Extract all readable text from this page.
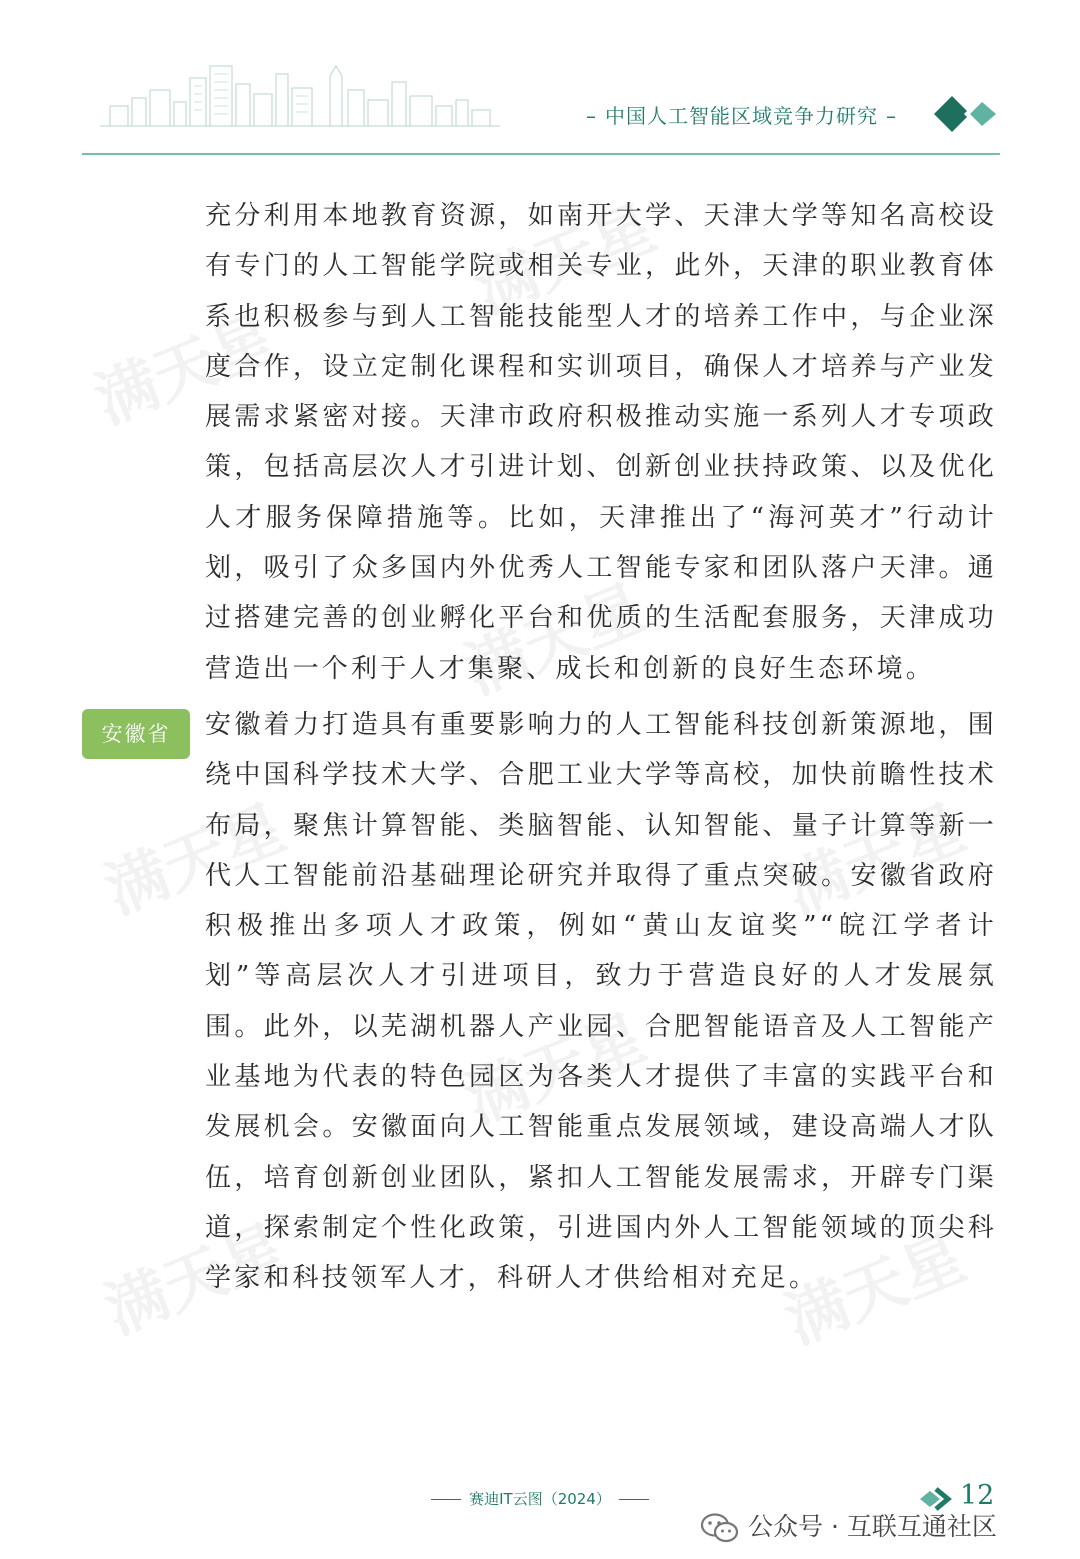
– 中国人工智能区域竞争力研究 –
满天星
满天星
满天星
满天星	满天星
满天星
满天星	满天星
充分利用本地教育资源，如南开大学、天津大学等知名高校设有专门的人工智能学院或相关专业，此外，天津的职业教育体系也积极参与到人工智能技能型人才的培养工作中，与企业深度合作，设立定制化课程和实训项目，确保人才培养与产业发展需求紧密对接。天津市政府积极推动实施一系列人才专项政策，包括高层次人才引进计划、创新创业扶持政策、以及优化人才服务保障措施等。比如，天津推出了“海河英才”行动计划，吸引了众多国内外优秀人工智能专家和团队落户天津。通过搭建完善的创业孵化平台和优质的生活配套服务，天津成功营造出一个利于人才集聚、成长和创新的良好生态环境。
安徽省	安徽着力打造具有重要影响力的人工智能科技创新策源地，围绕中国科学技术大学、合肥工业大学等高校，加快前瞻性技术布局，聚焦计算智能、类脑智能、认知智能、量子计算等新一代人工智能前沿基础理论研究并取得了重点突破。安徽省政府积极推出多项人才政策，例如“黄山友谊奖”“皖江学者计划”等高层次人才引进项目，致力于营造良好的人才发展氛围。此外，以芜湖机器人产业园、合肥智能语音及人工智能产业基地为代表的特色园区为各类人才提供了丰富的实践平台和发展机会。安徽面向人工智能重点发展领域，建设高端人才队伍，培育创新创业团队，紧扣人工智能发展需求，开辟专门渠道，探索制定个性化政策，引进国内外人工智能领域的顶尖科学家和科技领军人才，科研人才供给相对充足。
赛迪IT云图（2024）	12
公众号 · 互联互通社区
